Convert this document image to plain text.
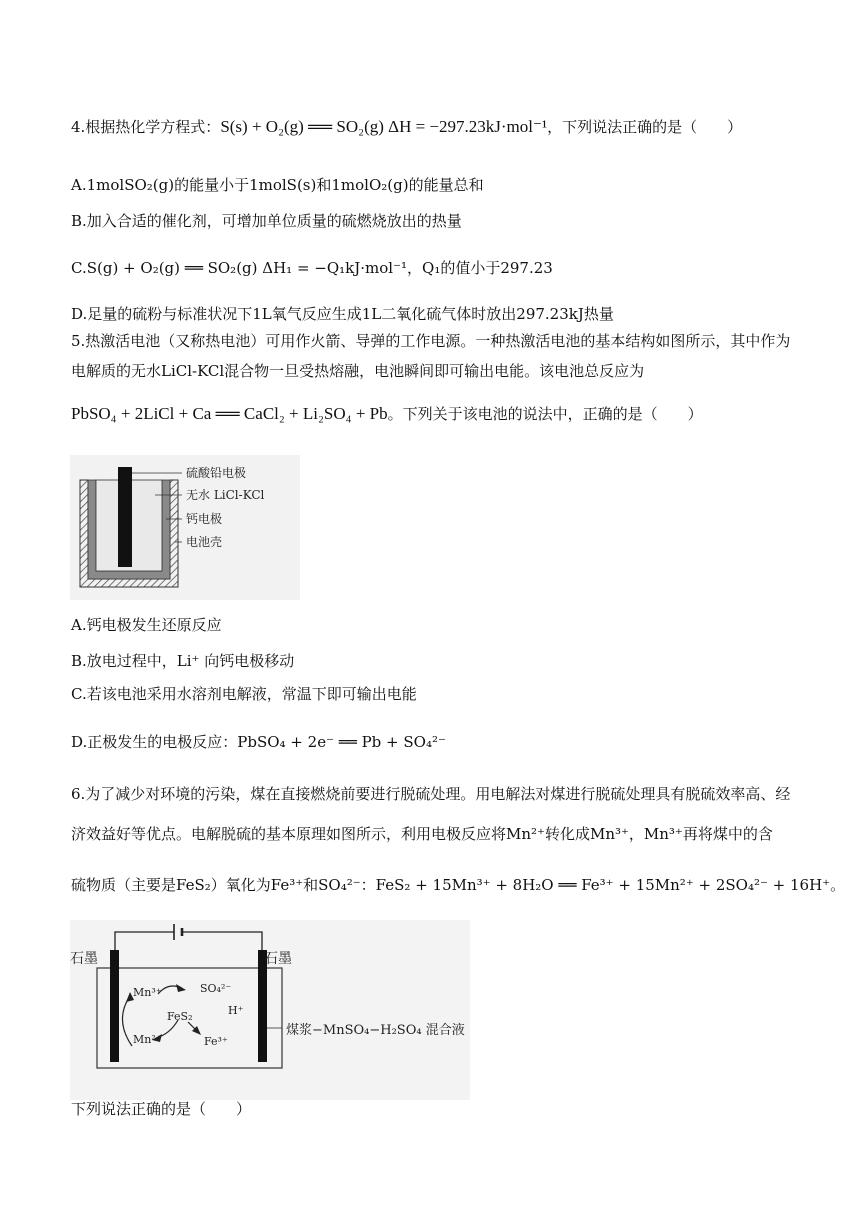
4.根据热化学方程式：S(s) + O₂(g) ══ SO₂(g) ΔH = −297.23kJ·mol⁻¹，下列说法正确的是（　　）
A.1molSO₂(g)的能量小于1molS(s)和1molO₂(g)的能量总和
B.加入合适的催化剂，可增加单位质量的硫燃烧放出的热量
C.S(g) + O₂(g) ══ SO₂(g) ΔH₁ = −Q₁kJ·mol⁻¹，Q₁的值小于297.23
D.足量的硫粉与标准状况下1L氧气反应生成1L二氧化硫气体时放出297.23kJ热量
5.热激活电池（又称热电池）可用作火箭、导弹的工作电源。一种热激活电池的基本结构如图所示，其中作为电解质的无水LiCl-KCl混合物一旦受热熔融，电池瞬间即可输出电能。该电池总反应为
PbSO₄ + 2LiCl + Ca ══ CaCl₂ + Li₂SO₄ + Pb。下列关于该电池的说法中，正确的是（　　）
硫酸铅电极
无水 LiCl-KCl
钙电极
电池壳
A.钙电极发生还原反应
B.放电过程中，Li⁺ 向钙电极移动
C.若该电池采用水溶剂电解液，常温下即可输出电能
D.正极发生的电极反应：PbSO₄ + 2e⁻ ══ Pb + SO₄²⁻
6.为了减少对环境的污染，煤在直接燃烧前要进行脱硫处理。用电解法对煤进行脱硫处理具有脱硫效率高、经济效益好等优点。电解脱硫的基本原理如图所示，利用电极反应将Mn²⁺转化成Mn³⁺，Mn³⁺再将煤中的含
硫物质（主要是FeS₂）氧化为Fe³⁺和SO₄²⁻：FeS₂ + 15Mn³⁺ + 8H₂O ══ Fe³⁺ + 15Mn²⁺ + 2SO₄²⁻ + 16H⁺。
石墨	石墨
Mn³⁺	SO₄²⁻
FeS₂	H⁺
Mn²⁺	Fe³⁺
煤浆−MnSO₄−H₂SO₄ 混合液
下列说法正确的是（　　）
